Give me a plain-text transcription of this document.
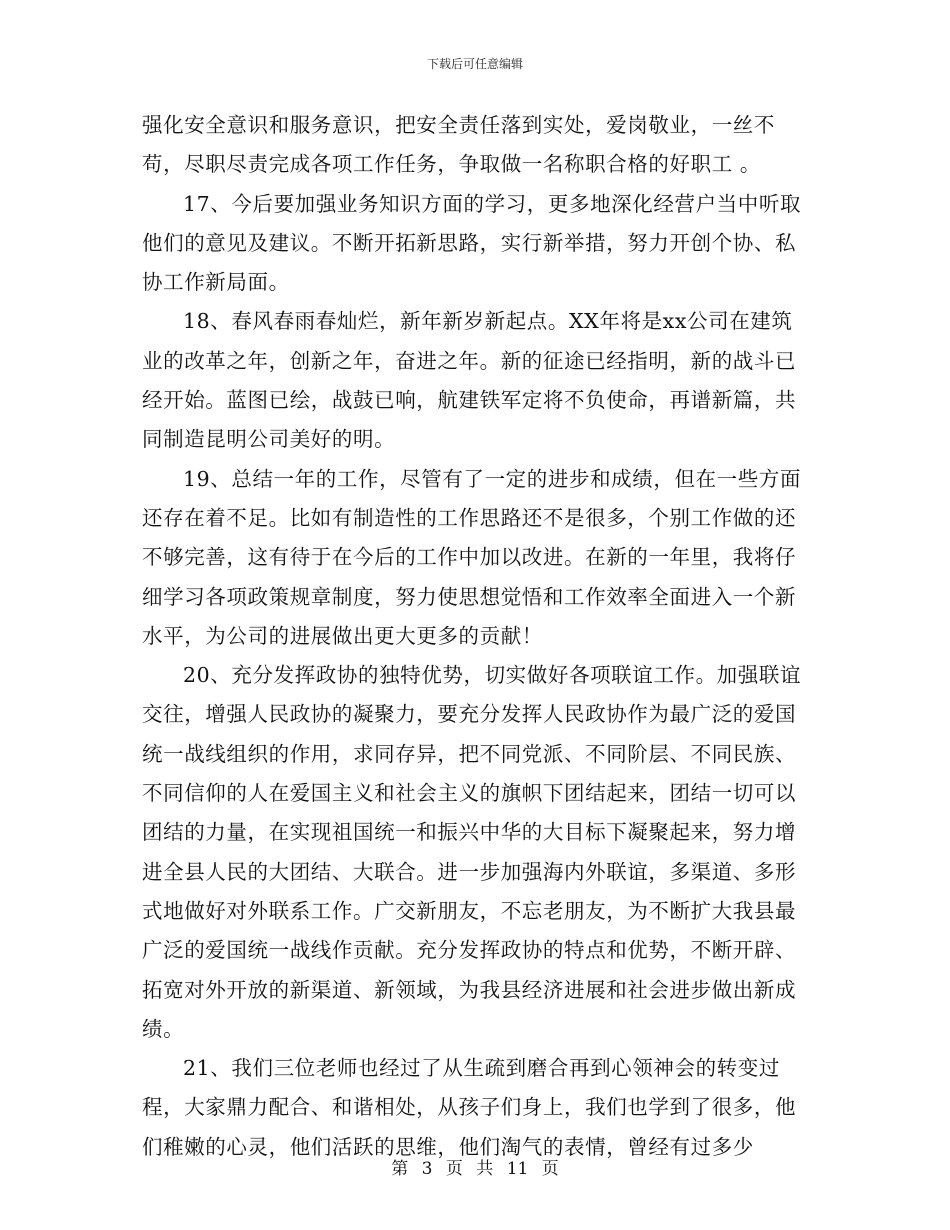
下载后可任意编辑

强化安全意识和服务意识，把安全责任落到实处，爱岗敬业，一丝不苟，尽职尽责完成各项工作任务，争取做一名称职合格的好职工 。

17、今后要加强业务知识方面的学习，更多地深化经营户当中听取他们的意见及建议。不断开拓新思路，实行新举措，努力开创个协、私协工作新局面。

18、春风春雨春灿烂，新年新岁新起点。XX年将是xx公司在建筑业的改革之年，创新之年，奋进之年。新的征途已经指明，新的战斗已经开始。蓝图已绘，战鼓已响，航建铁军定将不负使命，再谱新篇，共同制造昆明公司美好的明。

19、总结一年的工作，尽管有了一定的进步和成绩，但在一些方面还存在着不足。比如有制造性的工作思路还不是很多，个别工作做的还不够完善，这有待于在今后的工作中加以改进。在新的一年里，我将仔细学习各项政策规章制度，努力使思想觉悟和工作效率全面进入一个新水平，为公司的进展做出更大更多的贡献！

20、充分发挥政协的独特优势，切实做好各项联谊工作。加强联谊交往，增强人民政协的凝聚力，要充分发挥人民政协作为最广泛的爱国统一战线组织的作用，求同存异，把不同党派、不同阶层、不同民族、不同信仰的人在爱国主义和社会主义的旗帜下团结起来，团结一切可以团结的力量，在实现祖国统一和振兴中华的大目标下凝聚起来，努力增进全县人民的大团结、大联合。进一步加强海内外联谊，多渠道、多形式地做好对外联系工作。广交新朋友，不忘老朋友，为不断扩大我县最广泛的爱国统一战线作贡献。充分发挥政协的特点和优势，不断开辟、拓宽对外开放的新渠道、新领域，为我县经济进展和社会进步做出新成绩。

21、我们三位老师也经过了从生疏到磨合再到心领神会的转变过程，大家鼎力配合、和谐相处，从孩子们身上，我们也学到了很多，他们稚嫩的心灵，他们活跃的思维，他们淘气的表情，曾经有过多少

第 3 页 共 11 页
